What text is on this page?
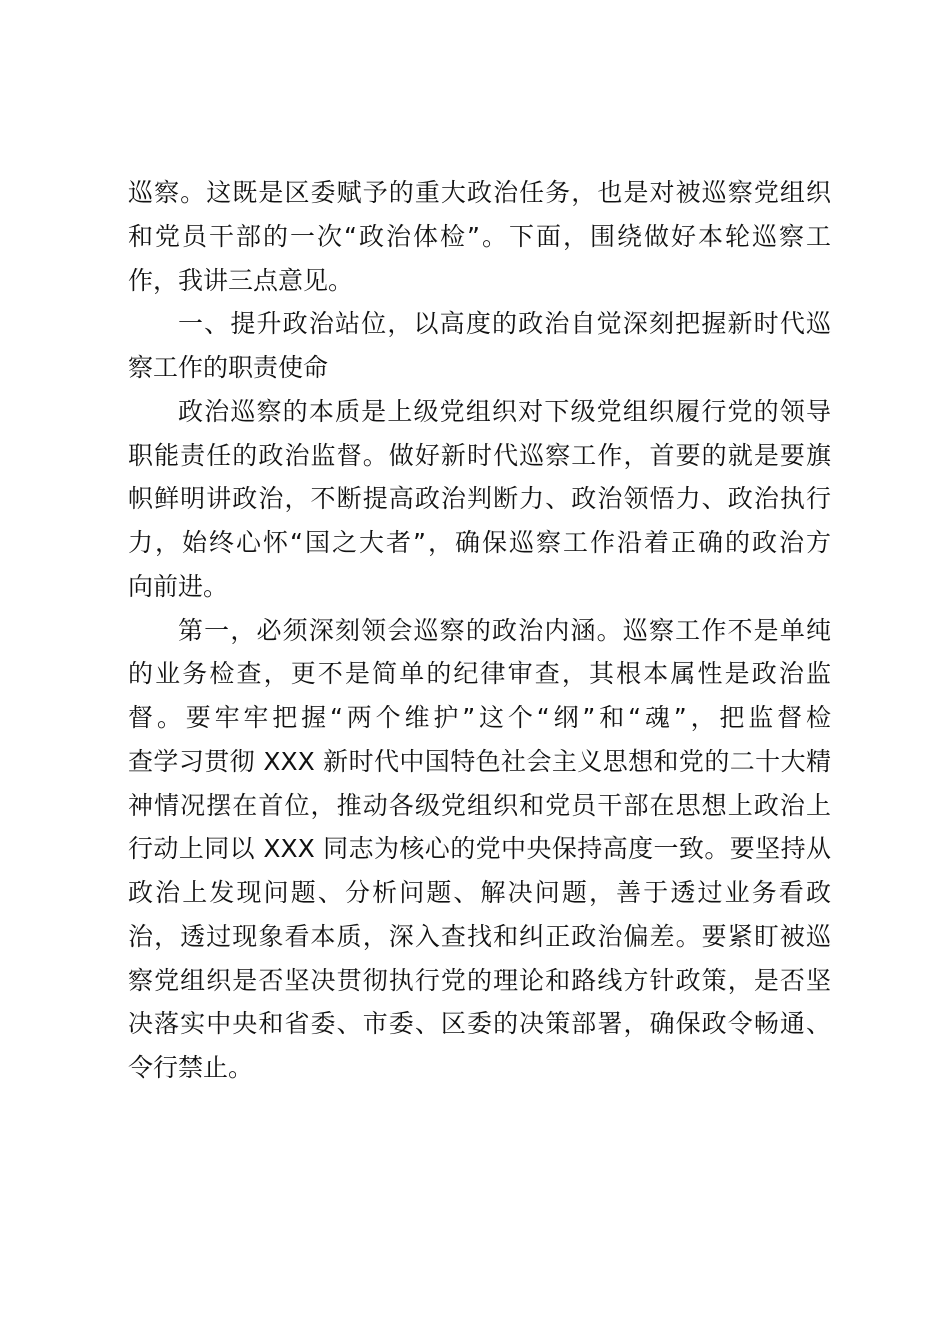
巡察。这既是区委赋予的重大政治任务，也是对被巡察党组织
和党员干部的一次“政治体检”。下面，围绕做好本轮巡察工
作，我讲三点意见。
一、提升政治站位，以高度的政治自觉深刻把握新时代巡
察工作的职责使命
政治巡察的本质是上级党组织对下级党组织履行党的领导
职能责任的政治监督。做好新时代巡察工作，首要的就是要旗
帜鲜明讲政治，不断提高政治判断力、政治领悟力、政治执行
力，始终心怀“国之大者”，确保巡察工作沿着正确的政治方
向前进。
第一，必须深刻领会巡察的政治内涵。巡察工作不是单纯
的业务检查，更不是简单的纪律审查，其根本属性是政治监
督。要牢牢把握“两个维护”这个“纲”和“魂”，把监督检
查学习贯彻 XXX 新时代中国特色社会主义思想和党的二十大精
神情况摆在首位，推动各级党组织和党员干部在思想上政治上
行动上同以 XXX 同志为核心的党中央保持高度一致。要坚持从
政治上发现问题、分析问题、解决问题，善于透过业务看政
治，透过现象看本质，深入查找和纠正政治偏差。要紧盯被巡
察党组织是否坚决贯彻执行党的理论和路线方针政策，是否坚
决落实中央和省委、市委、区委的决策部署，确保政令畅通、
令行禁止。
